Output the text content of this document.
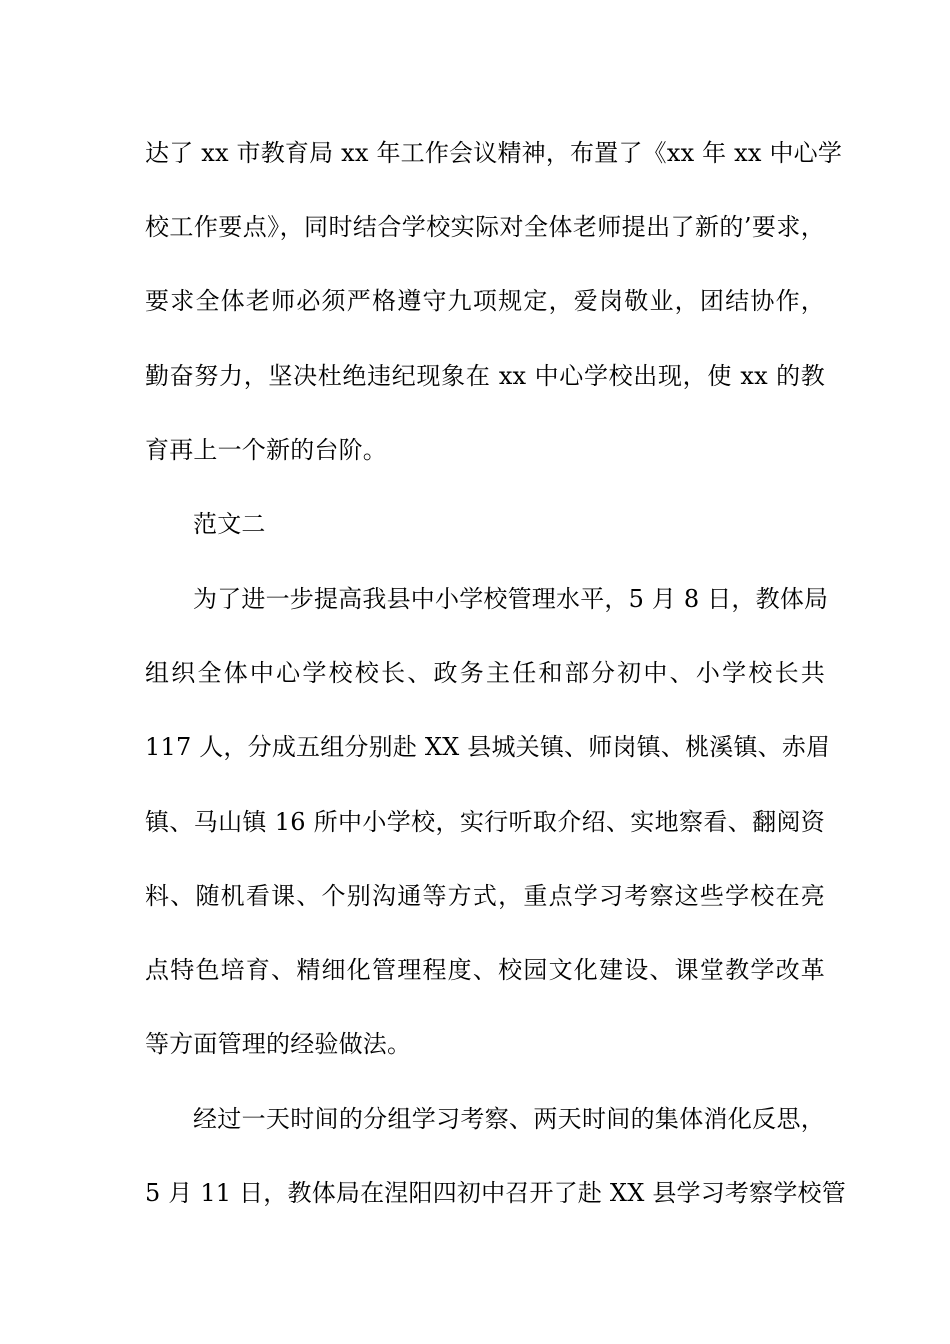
达了 xx 市教育局 xx 年工作会议精神，布置了《xx 年 xx 中心学
校工作要点》，同时结合学校实际对全体老师提出了新的’要求，
要求全体老师必须严格遵守九项规定，爱岗敬业，团结协作，
勤奋努力，坚决杜绝违纪现象在 xx 中心学校出现，使 xx 的教
育再上一个新的台阶。
范文二
为了进一步提高我县中小学校管理水平，5 月 8 日，教体局
组织全体中心学校校长、政务主任和部分初中、小学校长共
117 人，分成五组分别赴 XX 县城关镇、师岗镇、桃溪镇、赤眉
镇、马山镇 16 所中小学校，实行听取介绍、实地察看、翻阅资
料、随机看课、个别沟通等方式，重点学习考察这些学校在亮
点特色培育、精细化管理程度、校园文化建设、课堂教学改革
等方面管理的经验做法。
经过一天时间的分组学习考察、两天时间的集体消化反思，
5 月 11 日，教体局在涅阳四初中召开了赴 XX 县学习考察学校管
